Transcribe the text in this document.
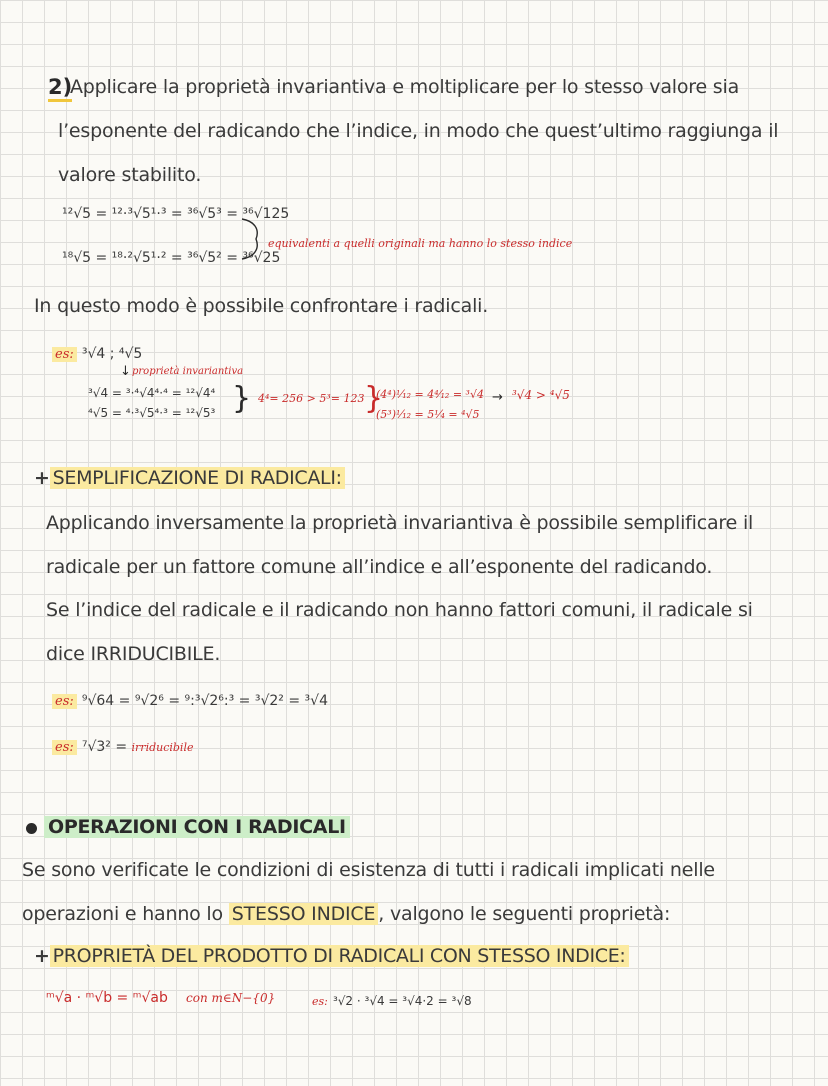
2)
Applicare la proprietà invariantiva e moltiplicare per lo stesso valore sia
l’esponente del radicando che l’indice, in modo che quest’ultimo raggiunga il
valore stabilito.
¹²√5 = ¹²·³√5¹·³ = ³⁶√5³ = ³⁶√125
¹⁸√5 = ¹⁸·²√5¹·² = ³⁶√5² = ³⁶√25
equivalenti a quelli originali ma hanno lo stesso indice
In questo modo è possibile confrontare i radicali.
es: ³√4 ; ⁴√5
↓ proprietà invariantiva
³√4 = ³·⁴√4⁴·⁴ = ¹²√4⁴
⁴√5 = ⁴·³√5⁴·³ = ¹²√5³ } 4⁴= 256 > 5³= 123 }
(4⁴)¹⁄₁₂ = 4⁴⁄₁₂ = ³√4
(5³)¹⁄₁₂ = 5¹⁄₄ = ⁴√5
→ ³√4 > ⁴√5
+ SEMPLIFICAZIONE DI RADICALI:
Applicando inversamente la proprietà invariantiva è possibile semplificare il
radicale per un fattore comune all’indice e all’esponente del radicando.
Se l’indice del radicale e il radicando non hanno fattori comuni, il radicale si
dice IRRIDUCIBILE.
es: ⁹√64 = ⁹√2⁶ = ⁹:³√2⁶:³ = ³√2² = ³√4
es: ⁷√3² = irriducibile
OPERAZIONI CON I RADICALI
Se sono verificate le condizioni di esistenza di tutti i radicali implicati nelle
operazioni e hanno lo STESSO INDICE , valgono le seguenti proprietà:
+ PROPRIETÀ DEL PRODOTTO DI RADICALI CON STESSO INDICE:
ᵐ√a · ᵐ√b = ᵐ√ab con m∈N−{0}	es: ³√2 · ³√4 = ³√4·2 = ³√8
